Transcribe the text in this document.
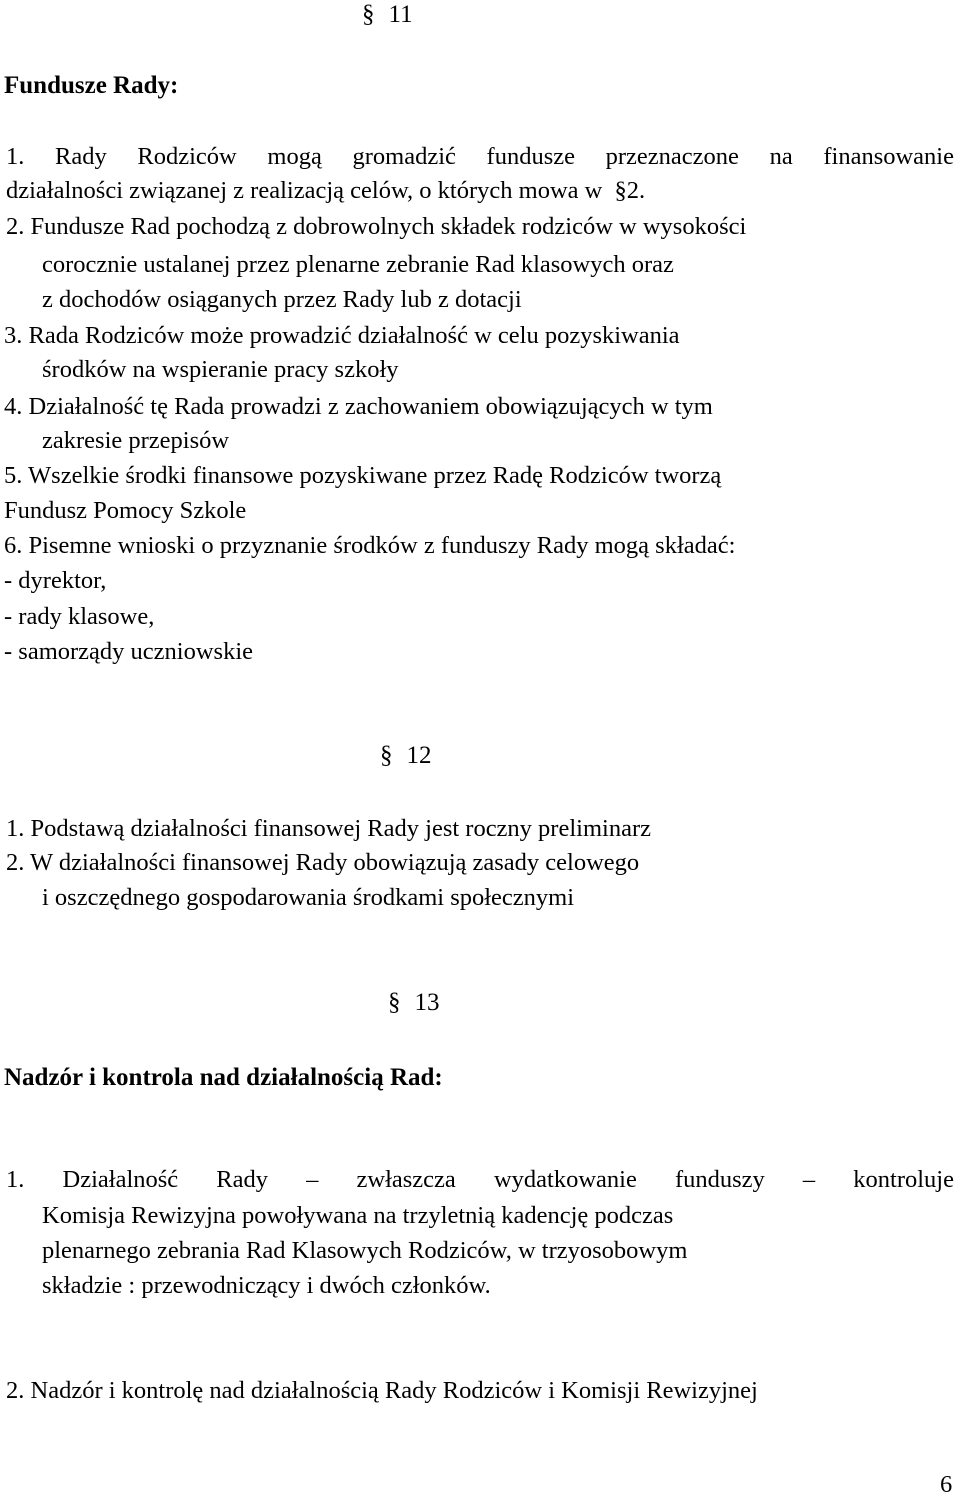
§ 11
Fundusze Rady:
1. Rady Rodziców mogą gromadzić fundusze przeznaczone na finansowanie
działalności związanej z realizacją celów, o których mowa w §2.
2. Fundusze Rad pochodzą z dobrowolnych składek rodziców w wysokości
corocznie ustalanej przez plenarne zebranie Rad klasowych oraz
z dochodów osiąganych przez Rady lub z dotacji
3. Rada Rodziców może prowadzić działalność w celu pozyskiwania
środków na wspieranie pracy szkoły
4. Działalność tę Rada prowadzi z zachowaniem obowiązujących w tym
zakresie przepisów
5. Wszelkie środki finansowe pozyskiwane przez Radę Rodziców tworzą
Fundusz Pomocy Szkole
6. Pisemne wnioski o przyznanie środków z funduszy Rady mogą składać:
- dyrektor,
- rady klasowe,
- samorządy uczniowskie
§ 12
1. Podstawą działalności finansowej Rady jest roczny preliminarz
2. W działalności finansowej Rady obowiązują zasady celowego
i oszczędnego gospodarowania środkami społecznymi
§ 13
Nadzór i kontrola nad działalnością Rad:
1. Działalność Rady – zwłaszcza wydatkowanie funduszy – kontroluje
Komisja Rewizyjna powoływana na trzyletnią kadencję podczas
plenarnego zebrania Rad Klasowych Rodziców, w trzyosobowym
składzie : przewodniczący i dwóch członków.
2. Nadzór i kontrolę nad działalnością Rady Rodziców i Komisji Rewizyjnej
6
